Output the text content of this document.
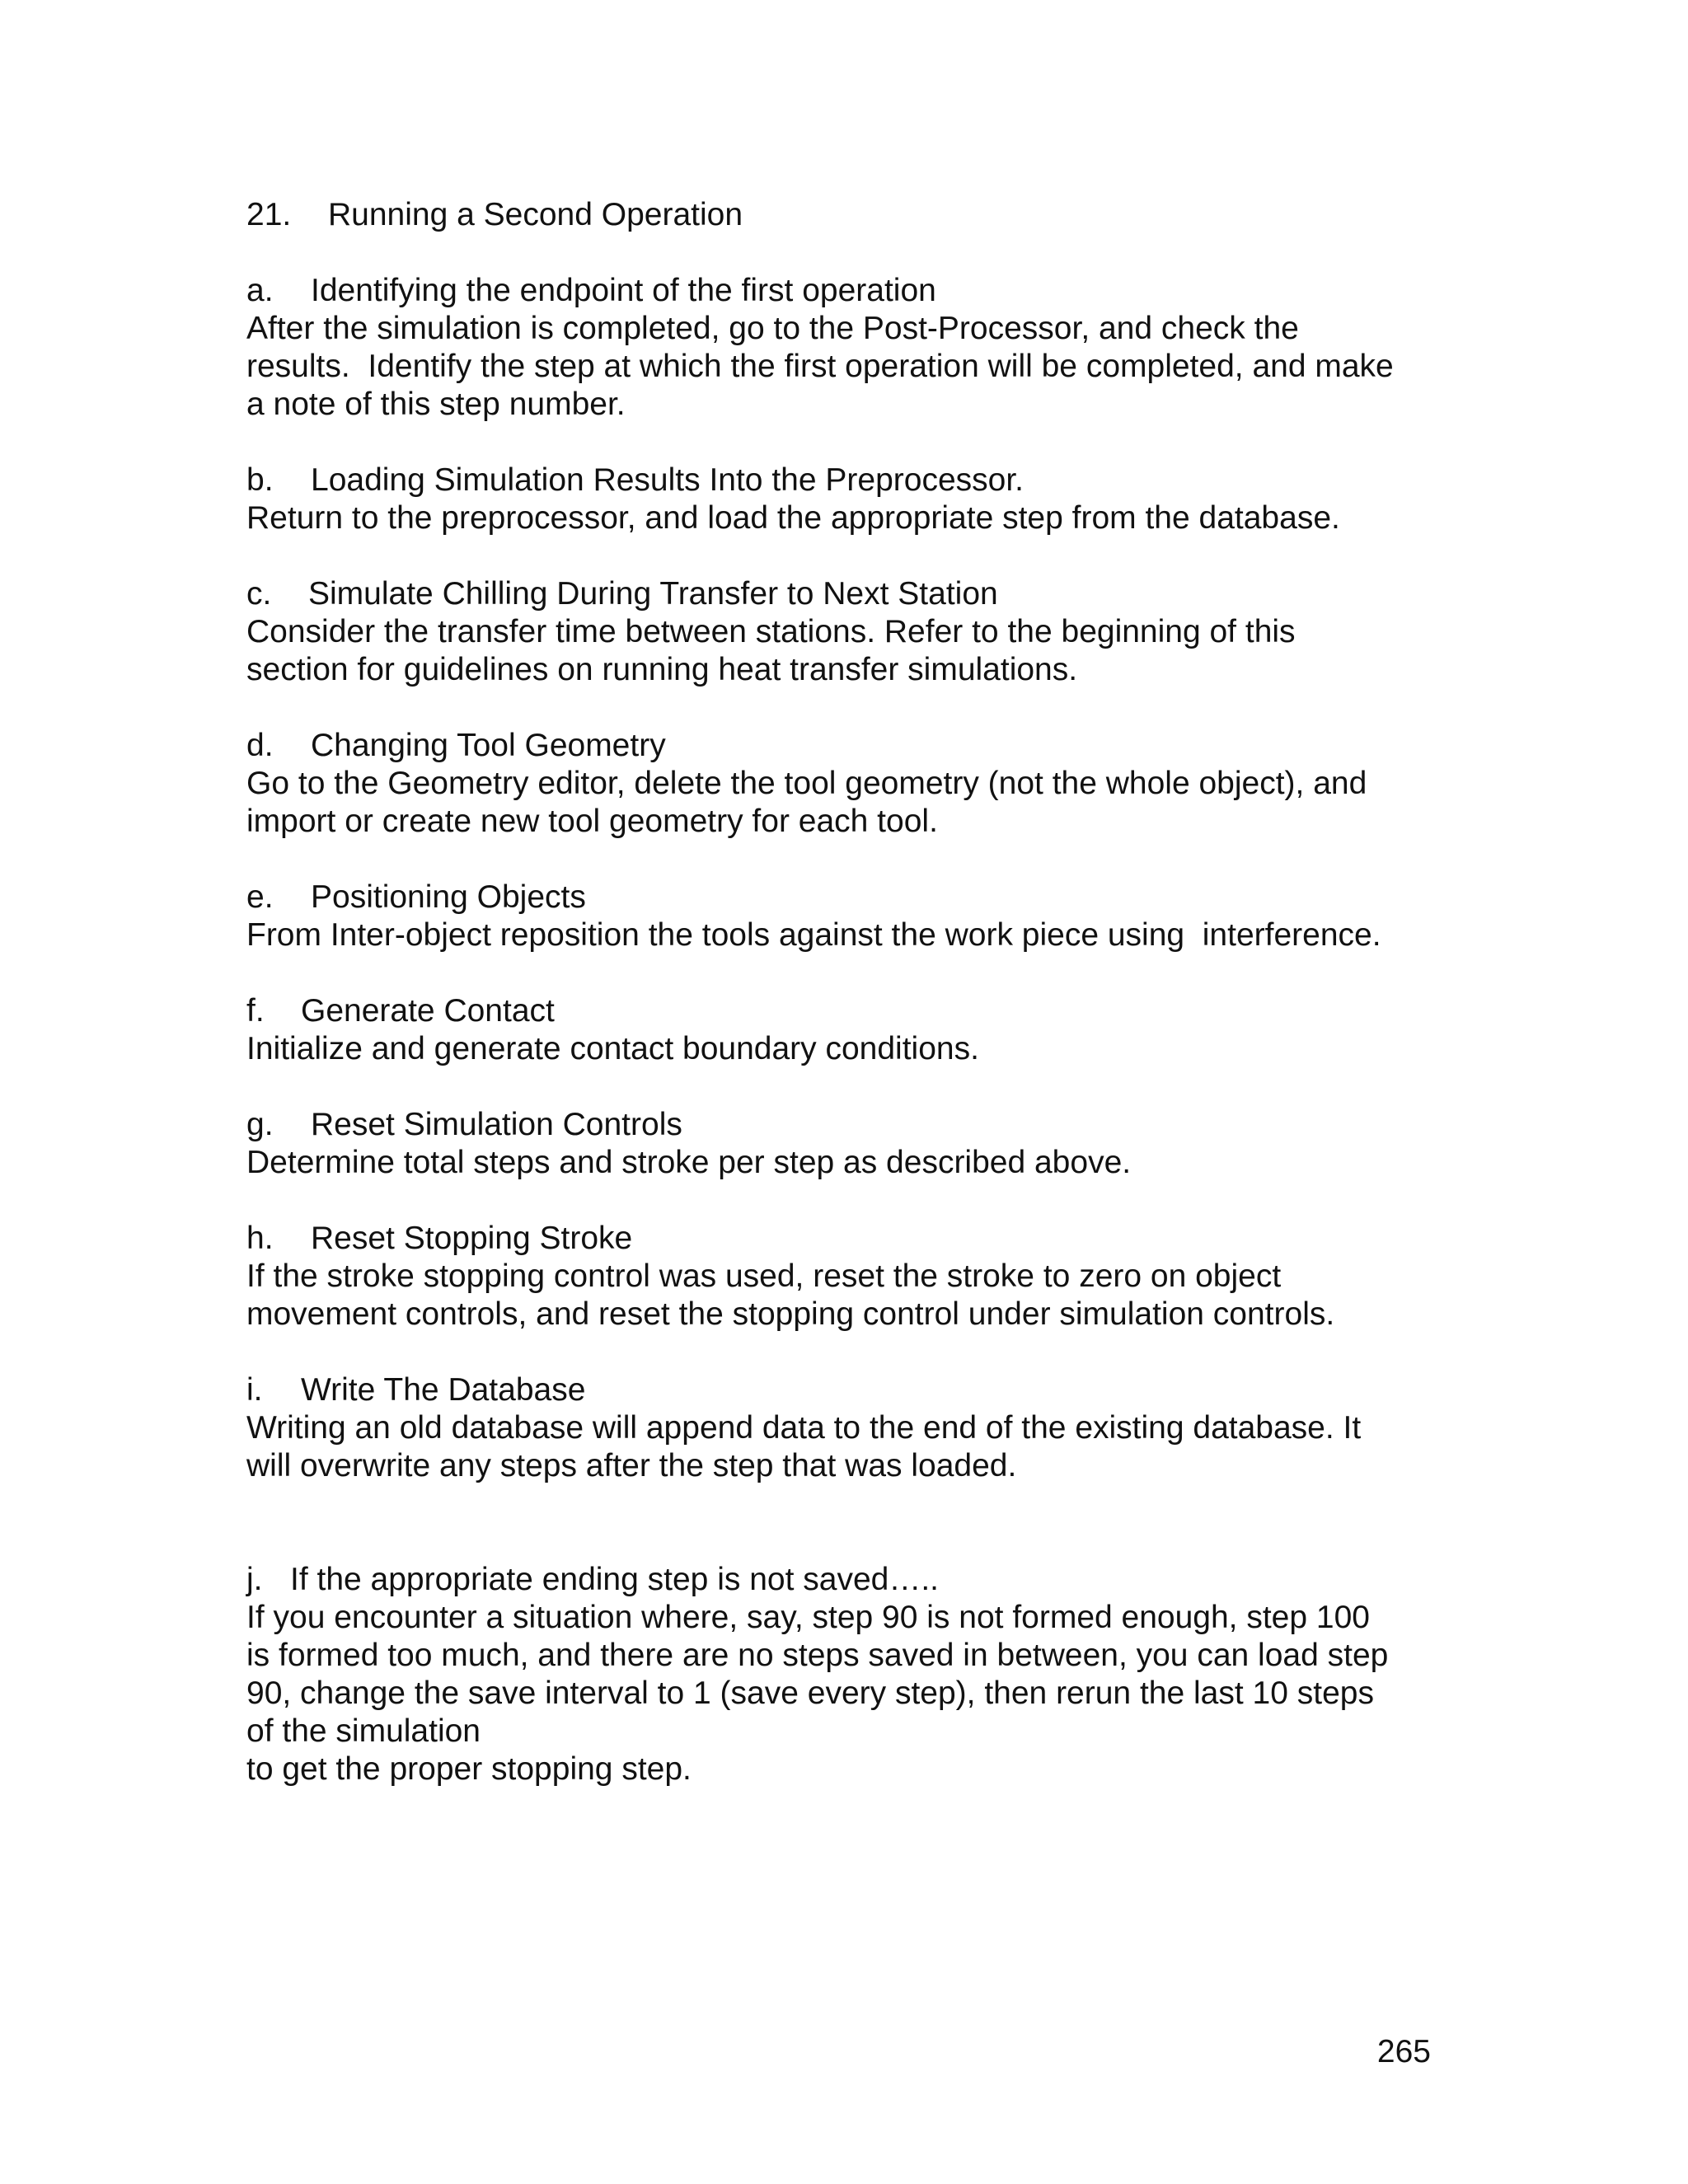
21.	Running a Second Operation
a.	Identifying the endpoint of the first operation
After the simulation is completed, go to the Post-Processor, and check the
results.  Identify the step at which the first operation will be completed, and make
a note of this step number.
b.	Loading Simulation Results Into the Preprocessor.
Return to the preprocessor, and load the appropriate step from the database.
c.	Simulate Chilling During Transfer to Next Station
Consider the transfer time between stations. Refer to the beginning of this
section for guidelines on running heat transfer simulations.
d.	Changing Tool Geometry
Go to the Geometry editor, delete the tool geometry (not the whole object), and
import or create new tool geometry for each tool.
e.	Positioning Objects
From Inter-object reposition the tools against the work piece using  interference.
f.	Generate Contact
Initialize and generate contact boundary conditions.
g.	Reset Simulation Controls
Determine total steps and stroke per step as described above.
h.	Reset Stopping Stroke
If the stroke stopping control was used, reset the stroke to zero on object
movement controls, and reset the stopping control under simulation controls.
i.	Write The Database
Writing an old database will append data to the end of the existing database. It
will overwrite any steps after the step that was loaded.
j. If the appropriate ending step is not saved…..
If you encounter a situation where, say, step 90 is not formed enough, step 100
is formed too much, and there are no steps saved in between, you can load step
90, change the save interval to 1 (save every step), then rerun the last 10 steps
of the simulation
to get the proper stopping step.
265
